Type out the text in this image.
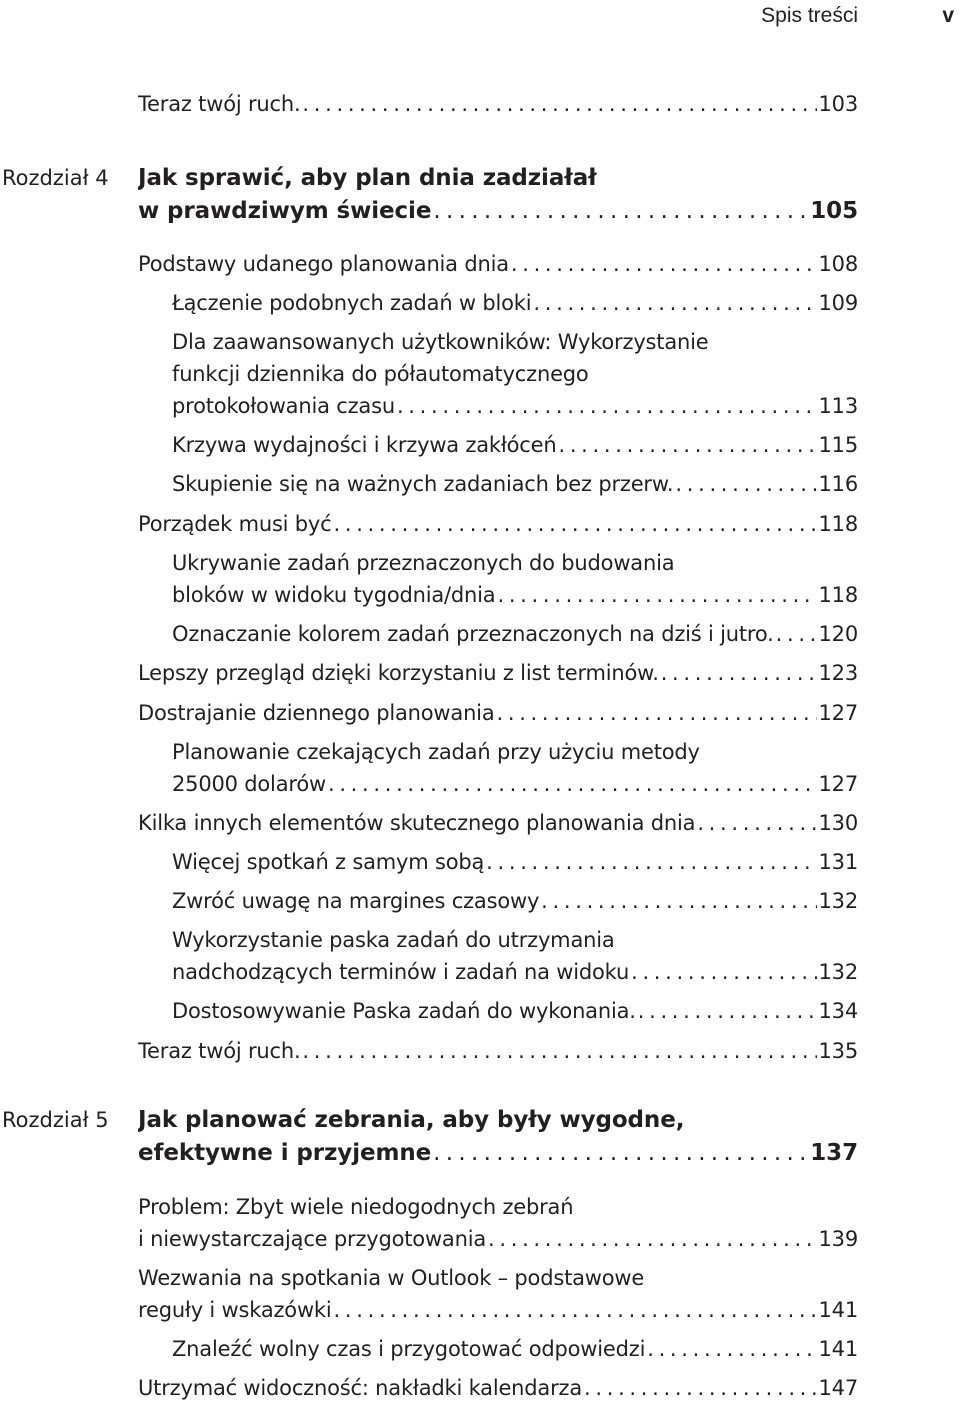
Spis treści	v
Teraz twój ruch. . . .	103
Rozdział 4 Jak sprawić, aby plan dnia zadziałał
w prawdziwym świecie . . .	105
Podstawy udanego planowania dnia . . .	108
Łączenie podobnych zadań w bloki . . .	109
Dla zaawansowanych użytkowników: Wykorzystanie
funkcji dziennika do półautomatycznego
protokołowania czasu . . .	113
Krzywa wydajności i krzywa zakłóceń . . .	115
Skupienie się na ważnych zadaniach bez przerw. . . .	116
Porządek musi być . . .	118
Ukrywanie zadań przeznaczonych do budowania
bloków w widoku tygodnia/dnia . . .	118
Oznaczanie kolorem zadań przeznaczonych na dziś i jutro. . . . 120
Lepszy przegląd dzięki korzystaniu z list terminów. . . .	123
Dostrajanie dziennego planowania . . .	127
Planowanie czekających zadań przy użyciu metody
25000 dolarów . . .	127
Kilka innych elementów skutecznego planowania dnia . . .	130
Więcej spotkań z samym sobą . . .	131
Zwróć uwagę na margines czasowy . . .	132
Wykorzystanie paska zadań do utrzymania
nadchodzących terminów i zadań na widoku . . .	132
Dostosowywanie Paska zadań do wykonania. . . .	134
Teraz twój ruch. . . .	135
Rozdział 5 Jak planować zebrania, aby były wygodne,
efektywne i przyjemne . . .	137
Problem: Zbyt wiele niedogodnych zebrań
i niewystarczające przygotowania . . .	139
Wezwania na spotkania w Outlook – podstawowe
reguły i wskazówki . . .	141
Znaleźć wolny czas i przygotować odpowiedzi . . .	141
Utrzymać widoczność: nakładki kalendarza . . .	147
